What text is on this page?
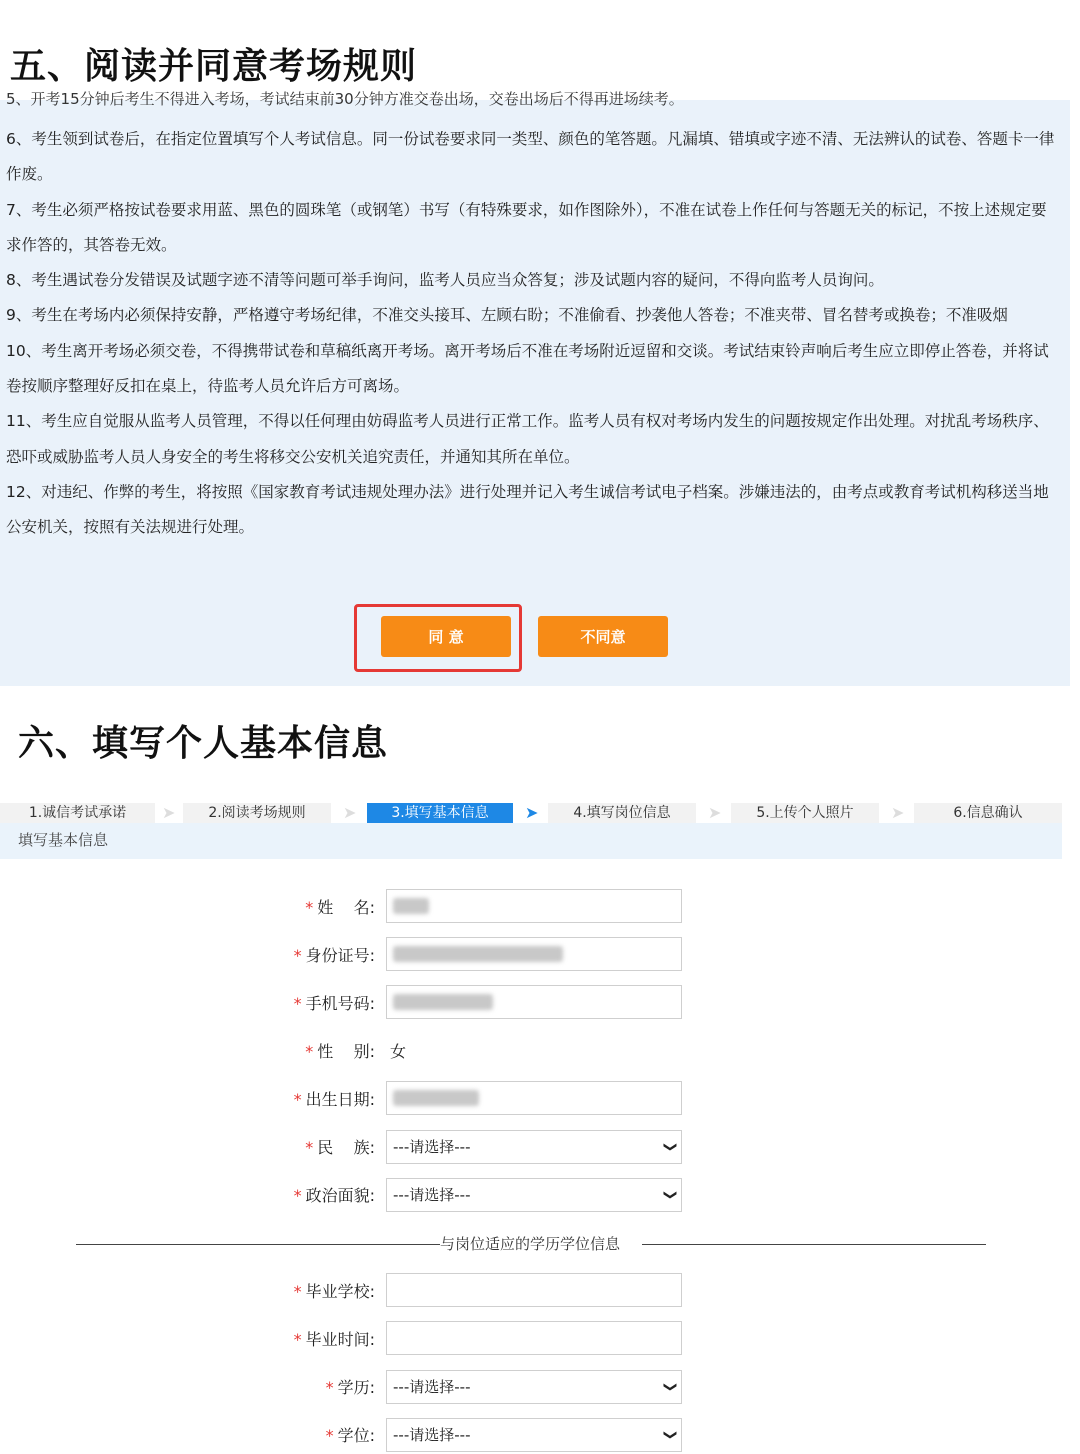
五、阅读并同意考场规则
5、开考15分钟后考生不得进入考场，考试结束前30分钟方准交卷出场，交卷出场后不得再进场续考。

6、考生领到试卷后，在指定位置填写个人考试信息。同一份试卷要求同一类型、颜色的笔答题。凡漏填、错填或字迹不清、无法辨认的试卷、答题卡一律作废。

7、考生必须严格按试卷要求用蓝、黑色的圆珠笔（或钢笔）书写（有特殊要求，如作图除外），不准在试卷上作任何与答题无关的标记，不按上述规定要求作答的，其答卷无效。

8、考生遇试卷分发错误及试题字迹不清等问题可举手询问，监考人员应当众答复；涉及试题内容的疑问，不得向监考人员询问。

9、考生在考场内必须保持安静，严格遵守考场纪律，不准交头接耳、左顾右盼；不准偷看、抄袭他人答卷；不准夹带、冒名替考或换卷；不准吸烟

10、考生离开考场必须交卷，不得携带试卷和草稿纸离开考场。离开考场后不准在考场附近逗留和交谈。考试结束铃声响后考生应立即停止答卷，并将试卷按顺序整理好反扣在桌上，待监考人员允许后方可离场。

11、考生应自觉服从监考人员管理，不得以任何理由妨碍监考人员进行正常工作。监考人员有权对考场内发生的问题按规定作出处理。对扰乱考场秩序、恐吓或威胁监考人员人身安全的考生将移交公安机关追究责任，并通知其所在单位。

12、对违纪、作弊的考生，将按照《国家教育考试违规处理办法》进行处理并记入考生诚信考试电子档案。涉嫌违法的，由考点或教育考试机构移送当地公安机关，按照有关法规进行处理。

同 意	不同意
六、填写个人基本信息
1.诚信考试承诺	➤	2.阅读考场规则	➤	3.填写基本信息	➤	4.填写岗位信息	➤	5.上传个人照片	➤	6.信息确认
填写基本信息
* 姓    名:
* 身份证号:
* 手机号码:
* 性    别: 女
* 出生日期:
* 民    族:	---请选择---	❯
* 政治面貌:	---请选择---	❯
与岗位适应的学历学位信息
* 毕业学校:
* 毕业时间:
* 学历:	---请选择---	❯
* 学位:	---请选择---	❯
